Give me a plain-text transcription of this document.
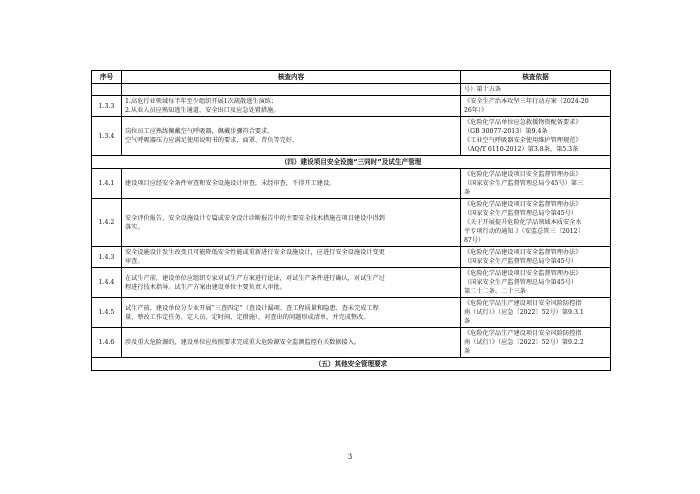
序号	核查内容	核查依据
		号）第十五条
1.3.3	1.高危行业领域每半年至少组织开展1次疏散逃生演练；
2.从业人员应熟知逃生通道、安全出口及应急处置措施。	《安全生产治本攻坚三年行动方案（2024-20
26年）》

1.3.4	岗位员工应熟练佩戴空气呼吸器，佩戴步骤符合要求。
空气呼吸器压力应满足使用说明书的要求，面罩、背负等完好。	《危险化学品单位应急救援物资配备要求》
（GB 30077-2013）第9.4条
《工业空气呼吸器安全使用维护管理规范》
（AQ/T 6110-2012）第3.8条、第5.3条

（四）建设项目安全设施“三同时”及试生产管理		
1.4.1	建设项目应经安全条件审查和安全设施设计审查，未经审查，不得开工建设。	《危险化学品建设项目安全监督管理办法》
（国家安全生产监督管理总局令45号）第三
条

1.4.2	安全评价报告、安全设施设计专篇或安全设计诊断报告中的主要安全技术措施在项目建设中得到
落实。	《危险化学品建设项目安全监督管理办法》
（国家安全生产监督管理总局令第45号）
《关于开展提升危险化学品领域本质安全水
平专项行动的通知 》（安监总管三〔2012〕
87号）

1.4.3	安全设施设计发生改变且可能降低安全性能或重新进行安全设施设计，应进行安全设施设计变更
审查。	《危险化学品建设项目安全监督管理办法》
（国家安全生产监督管理总局令第45号）

1.4.4	在试生产前，建设单位应组织专家对试生产方案进行论证，对试生产条件进行确认，对试生产过
程进行技术指导。试生产方案由建设单位主要负责人审批。	《危险化学品建设项目安全监督管理办法》
（国家安全生产监督管理总局令第45号）
第二十二条、二十三条

1.4.5	试生产前，建设单位分专业开展“三查四定”（查设计漏项、查工程质量和隐患、查未完成工程
量，整改工作定任务、定人员、定时间、定措施），对查出的问题形成清单，并完成整改。	《危险化学品生产建设项目安全风险防控指
南（试行）》（应急〔2022〕52号）第9.3.1
条

1.4.6	涉及重大危险源的，建设单位应按照要求完成重大危险源安全监测监控有关数据接入。	《危险化学品生产建设项目安全风险防控指
南（试行）》（应急〔2022〕52号）第9.2.2
条

（五）其他安全管理要求		
3
